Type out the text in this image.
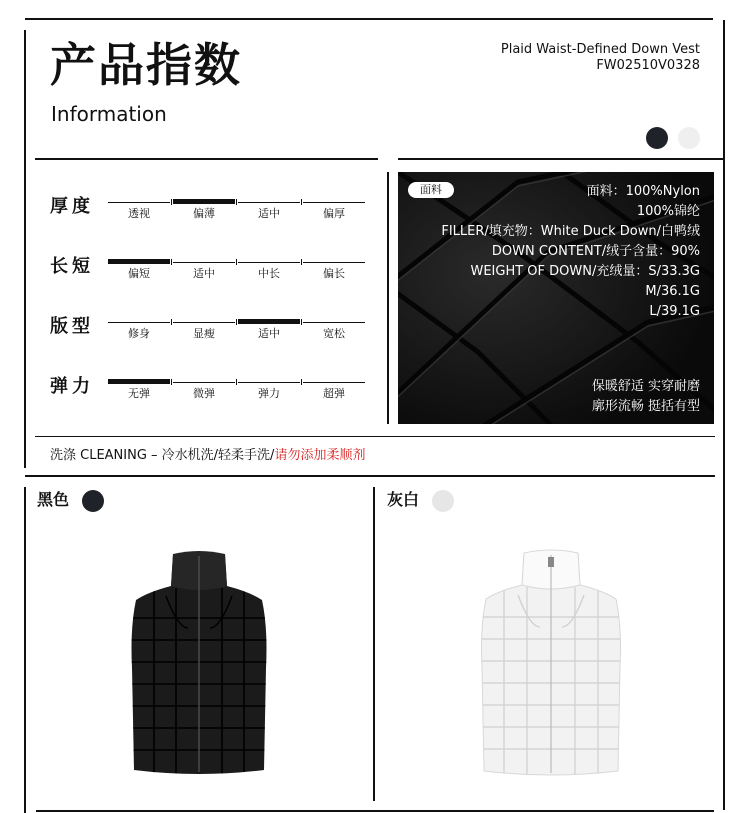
产品指数
Information
Plaid Waist-Defined Down Vest
FW02510V0328
厚度	透视	偏薄	适中	偏厚
长短	偏短	适中	中长	偏长
版型	修身	显瘦	适中	宽松
弹力	无弹	微弹	弹力	超弹
面料	面料：100%Nylon
100%锦纶
FILLER/填充物：White Duck Down/白鸭绒
DOWN CONTENT/绒子含量：90%
WEIGHT OF DOWN/充绒量：S/33.3G
M/36.1G
L/39.1G
保暖舒适 实穿耐磨
廓形流畅 挺括有型
洗涤 CLEANING – 冷水机洗/轻柔手洗/请勿添加柔顺剂
黑色	灰白
